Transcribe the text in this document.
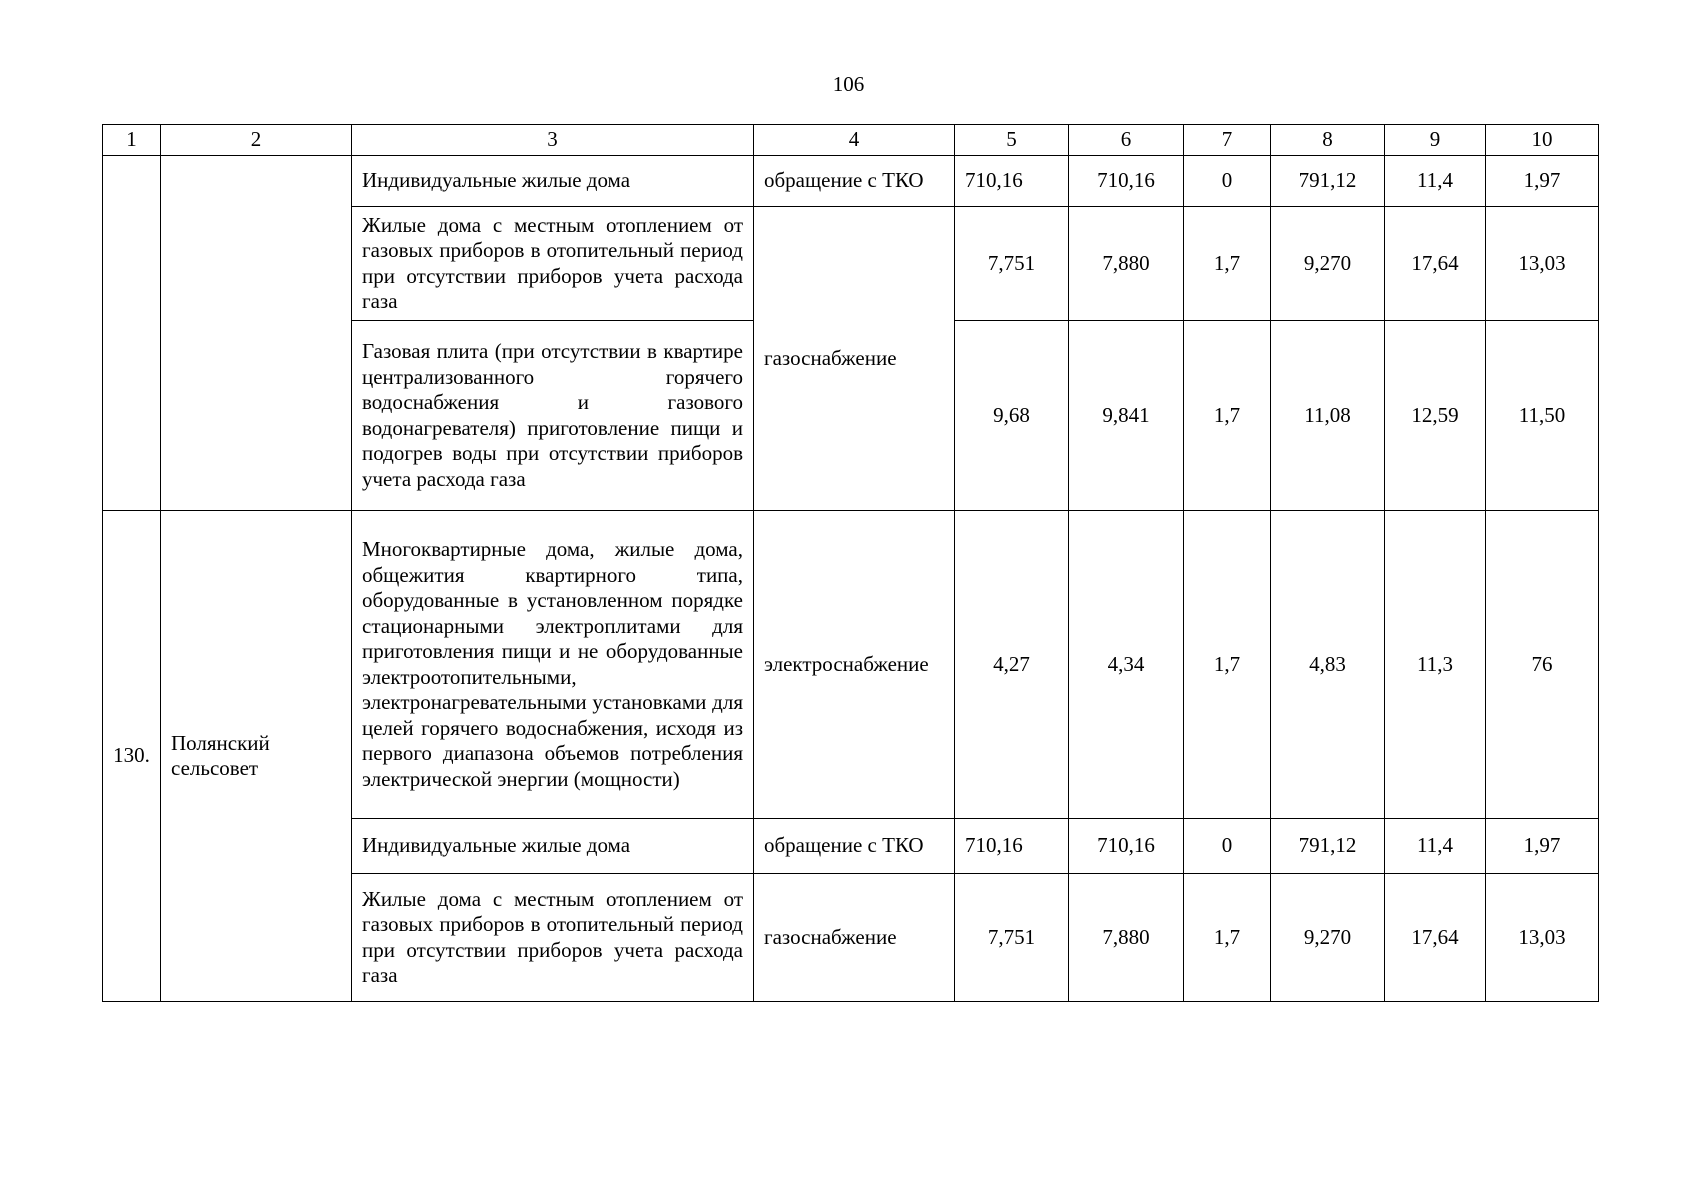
106
1	2	3	4	5	6	7	8	9	10
		Индивидуальные жилые дома	обращение с ТКО	710,16	710,16	0	791,12	11,4	1,97
		Жилые дома с местным отоплением от газовых приборов в отопительный период при отсутствии приборов учета расхода газа	газоснабжение	7,751	7,880	1,7	9,270	17,64	13,03
		Газовая плита (при отсутствии в квартире централизованного горячего водоснабжения и газового водонагревателя) приготовление пищи и подогрев воды при отсутствии приборов учета расхода газа		9,68	9,841	1,7	11,08	12,59	11,50
130.	Полянский сельсовет	Многоквартирные дома, жилые дома, общежития квартирного типа, оборудованные в установленном порядке стационарными электроплитами для приготовления пищи и не оборудованные электроотопительными, электронагревательными установками для целей горячего водоснабжения, исходя из первого диапазона объемов потребления электрической энергии (мощности)	электроснабжение	4,27	4,34	1,7	4,83	11,3	76
		Индивидуальные жилые дома	обращение с ТКО	710,16	710,16	0	791,12	11,4	1,97
		Жилые дома с местным отоплением от газовых приборов в отопительный период при отсутствии приборов учета расхода газа	газоснабжение	7,751	7,880	1,7	9,270	17,64	13,03
